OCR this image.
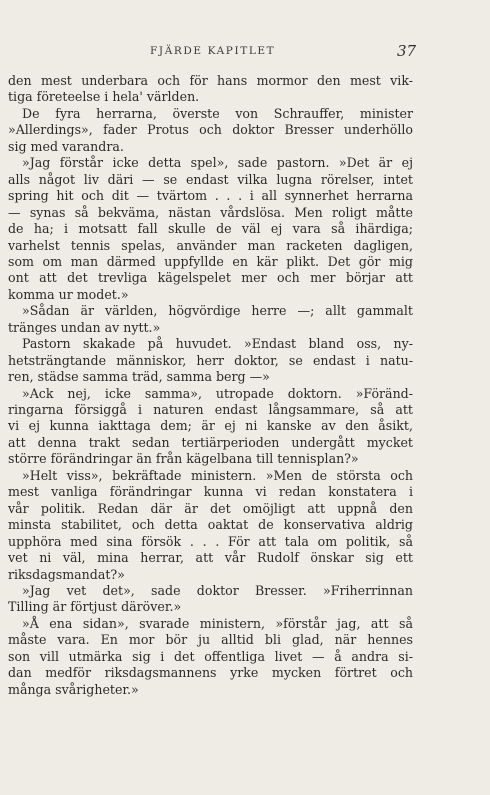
FJÄRDE KAPITLET	37
den mest underbara och för hans mormor den mest vik-
tiga företeelse i hela' världen.
De fyra herrarna, överste von Schrauffer, minister
»Allerdings», fader Protus och doktor Bresser underhöllo
sig med varandra.
»Jag förstår icke detta spel», sade pastorn. »Det är ej
alls något liv däri — se endast vilka lugna rörelser, intet
spring hit och dit — tvärtom . . . i all synnerhet herrarna
— synas så bekväma, nästan vårdslösa. Men roligt måtte
de ha; i motsatt fall skulle de väl ej vara så ihärdiga;
varhelst tennis spelas, använder man racketen dagligen,
som om man därmed uppfyllde en kär plikt. Det gör mig
ont att det trevliga kägelspelet mer och mer börjar att
komma ur modet.»
»Sådan är världen, högvördige herre —; allt gammalt
tränges undan av nytt.»
Pastorn skakade på huvudet. »Endast bland oss, ny-
hetsträngtande människor, herr doktor, se endast i natu-
ren, städse samma träd, samma berg —»
»Ack nej, icke samma», utropade doktorn. »Föränd-
ringarna försiggå i naturen endast långsammare, så att
vi ej kunna iakttaga dem; är ej ni kanske av den åsikt,
att denna trakt sedan tertiärperioden undergått mycket
större förändringar än från kägelbana till tennisplan?»
»Helt viss», bekräftade ministern. »Men de största och
mest vanliga förändringar kunna vi redan konstatera i
vår politik. Redan där är det omöjligt att uppnå den
minsta stabilitet, och detta oaktat de konservativa aldrig
upphöra med sina försök . . . För att tala om politik, så
vet ni väl, mina herrar, att vår Rudolf önskar sig ett
riksdagsmandat?»
»Jag vet det», sade doktor Bresser. »Friherrinnan
Tilling är förtjust däröver.»
»Å ena sidan», svarade ministern, »förstår jag, att så
måste vara. En mor bör ju alltid bli glad, när hennes
son vill utmärka sig i det offentliga livet — å andra si-
dan medför riksdagsmannens yrke mycken förtret och
många svårigheter.»
